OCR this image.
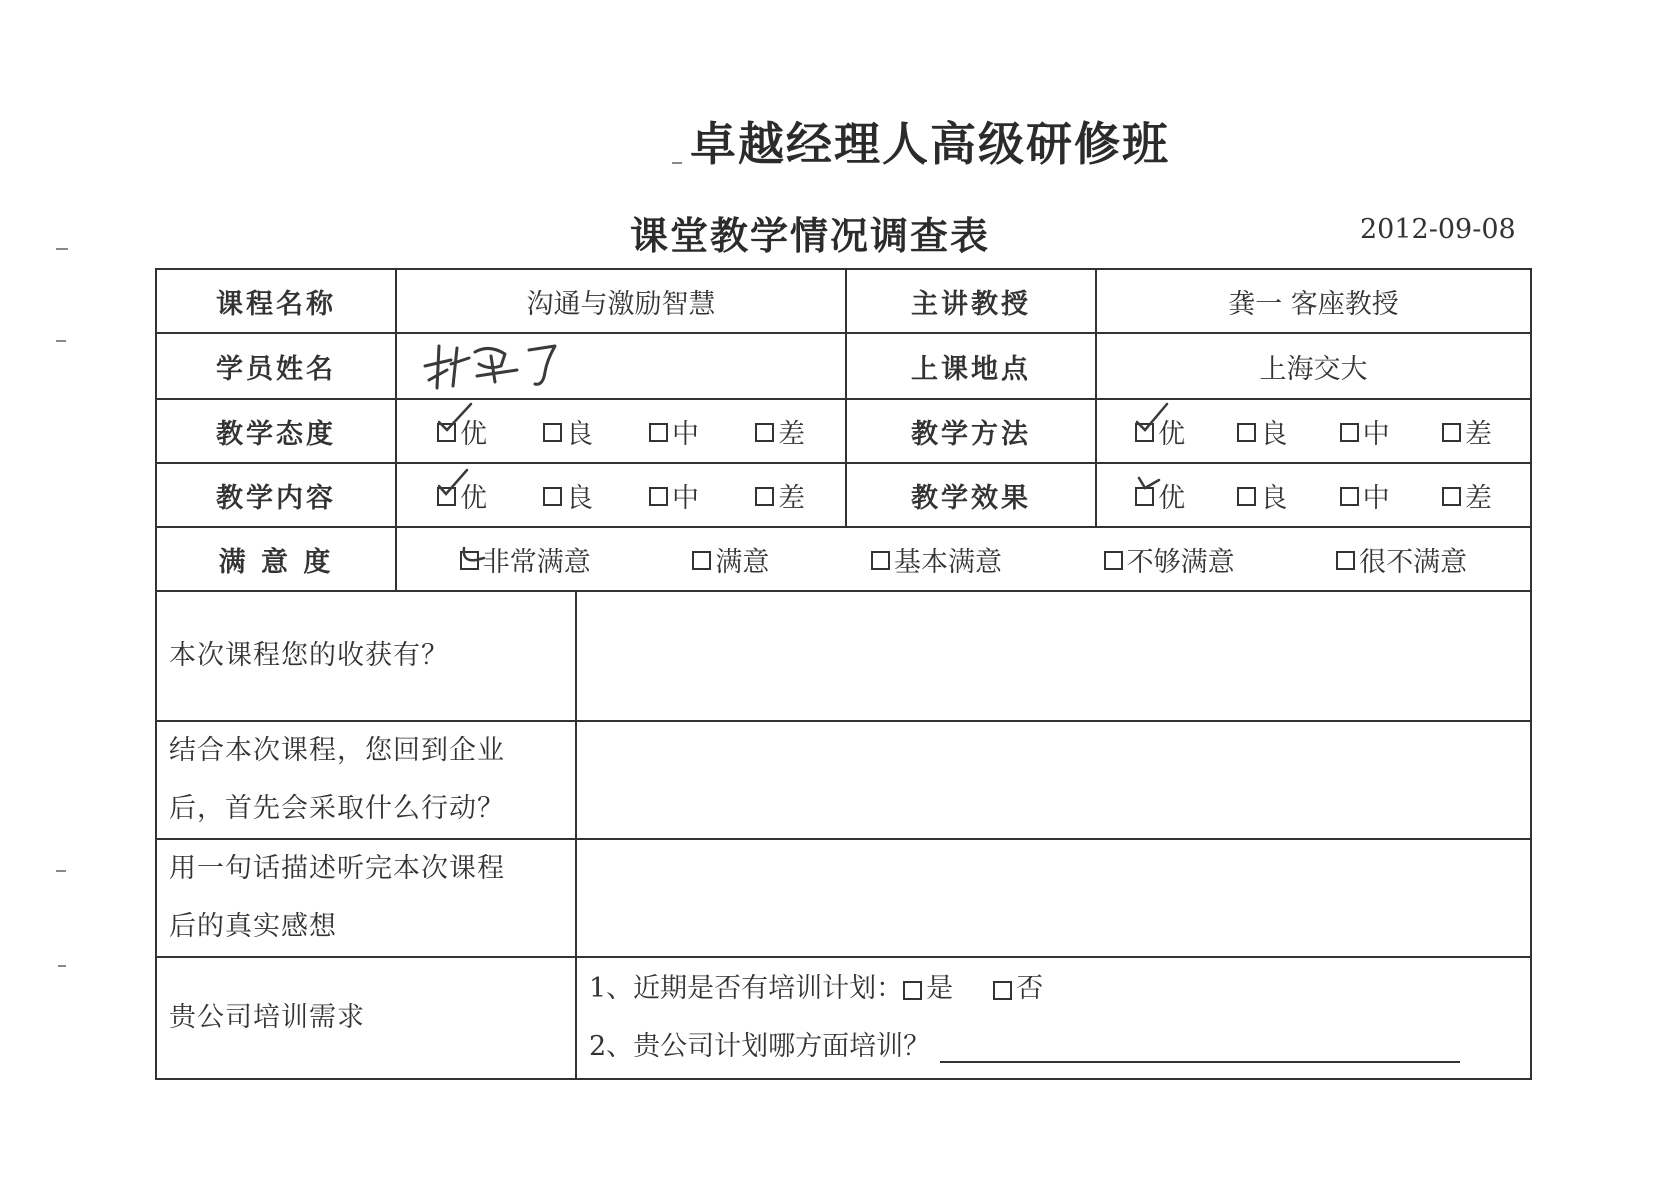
卓越经理人高级研修班
课堂教学情况调查表	2012-09-08
课程名称	沟通与激励智慧		主讲教授	龚一 客座教授
学员姓名			上课地点	上海交大
教学态度	优 良 中 差		教学方法	优 良 中 差

教学内容	优 良 中 差		教学效果	优 良 中 差

满 意 度	非常满意 满意 基本满意 不够满意 很不满意			

本次课程您的收获有？				

结合本次课程，您回到企业
后，首先会采取什么行动？				

用一句话描述听完本次课程
后的真实感想				

贵公司培训需求		1、近期是否有培训计划： 是 否
2、贵公司计划哪方面培训？		
